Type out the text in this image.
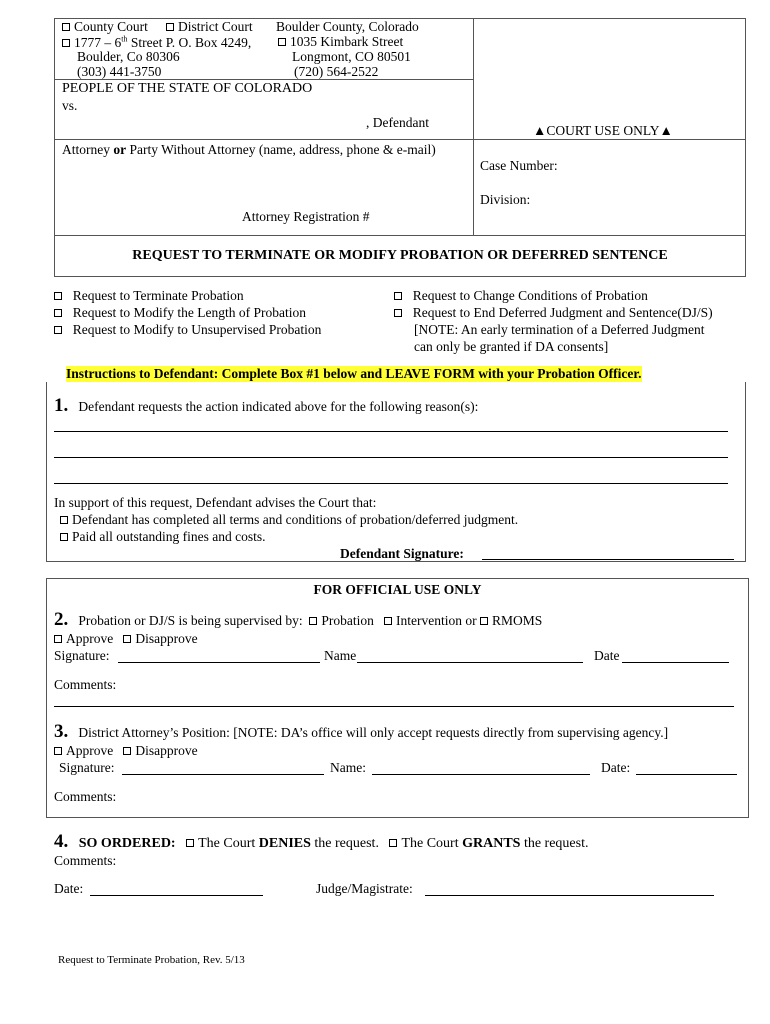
County Court	District Court Boulder County, Colorado
1777 – 6th Street P. O. Box 4249,	1035 Kimbark Street
Boulder, Co 80306	Longmont, CO 80501
(303) 441-3750	(720) 564-2522
PEOPLE OF THE STATE OF COLORADO
vs.
, Defendant
▲COURT USE ONLY▲
Attorney or Party Without Attorney (name, address, phone & e-mail)
Attorney Registration #
Case Number:
Division:
REQUEST TO TERMINATE OR MODIFY PROBATION OR DEFERRED SENTENCE
Request to Terminate Probation
Request to Modify the Length of Probation
Request to Modify to Unsupervised Probation
Request to Change Conditions of Probation
Request to End Deferred Judgment and Sentence(DJ/S)
[NOTE: An early termination of a Deferred Judgment
can only be granted if DA consents]
Instructions to Defendant: Complete Box #1 below and LEAVE FORM with your Probation Officer.
1. Defendant requests the action indicated above for the following reason(s):
In support of this request, Defendant advises the Court that:
Defendant has completed all terms and conditions of probation/deferred judgment.
Paid all outstanding fines and costs.
Defendant Signature:
FOR OFFICIAL USE ONLY
2. Probation or DJ/S is being supervised by: Probation Intervention or RMOMS
Approve Disapprove
Signature:	Name	Date
Comments:
3. District Attorney’s Position: [NOTE: DA’s office will only accept requests directly from supervising agency.]
Approve Disapprove
Signature:	Name:	Date:
Comments:
4. SO ORDERED: The Court DENIES the request. The Court GRANTS the request.
Comments:
Date:	Judge/Magistrate:
Request to Terminate Probation, Rev. 5/13
